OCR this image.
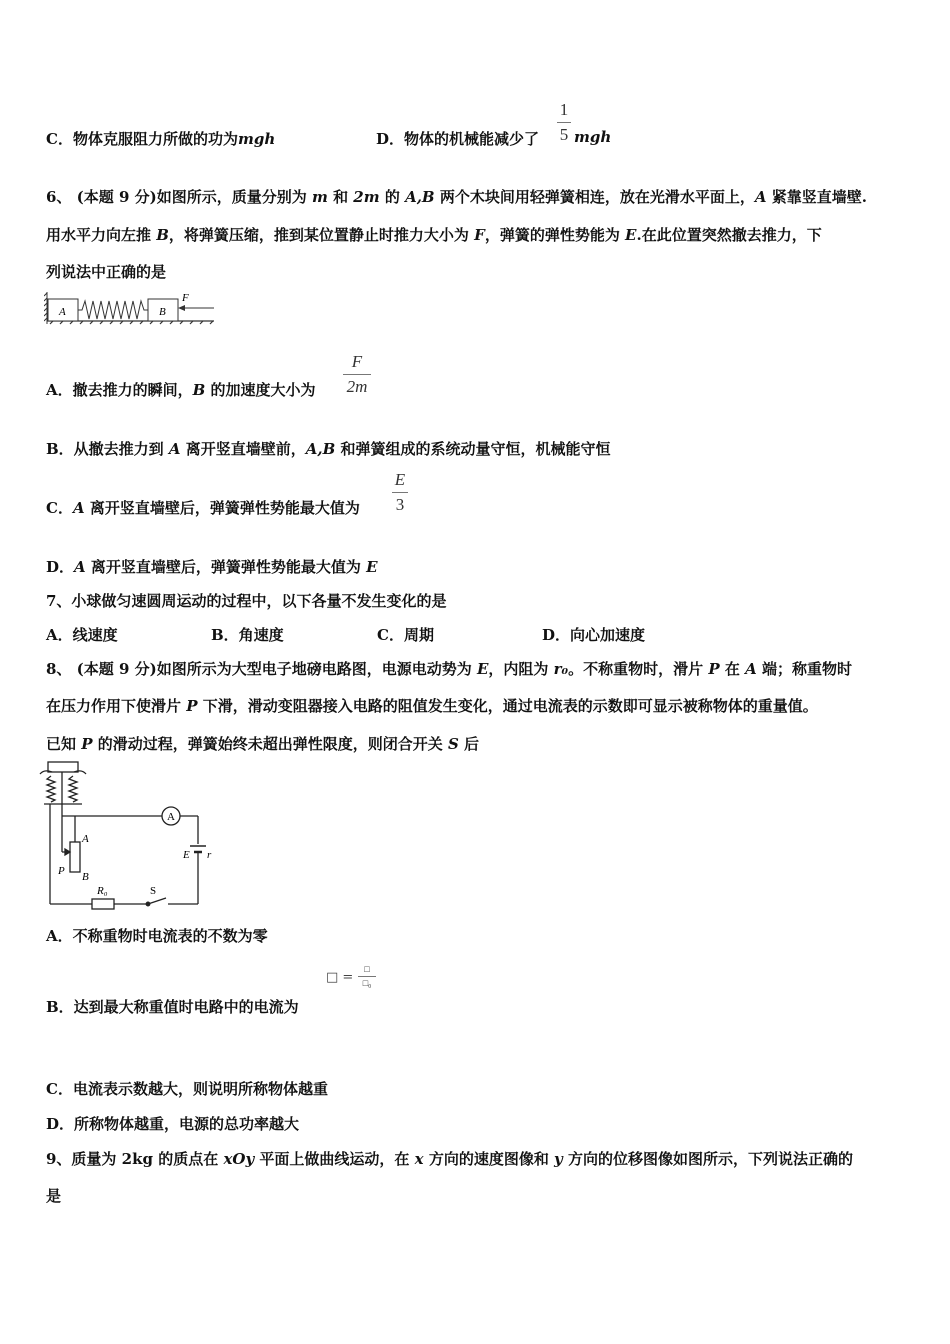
C．物体克服阻力所做的功为mgh	D．物体的机械能减少了
1
5 mgh
6、 (本题 9 分)如图所示，质量分别为 m 和 2m 的 A,B 两个木块间用轻弹簧相连，放在光滑水平面上，A 紧靠竖直墙壁.
用水平力向左推 B，将弹簧压缩，推到某位置静止时推力大小为 F，弹簧的弹性势能为 E.在此位置突然撤去推力，下
列说法中正确的是
A	B
F
A．撤去推力的瞬间，B 的加速度大小为
F
2m
B．从撤去推力到 A 离开竖直墙壁前，A,B 和弹簧组成的系统动量守恒，机械能守恒
C．A 离开竖直墙壁后，弹簧弹性势能最大值为
E
3
D．A 离开竖直墙壁后，弹簧弹性势能最大值为 E
7、小球做匀速圆周运动的过程中，以下各量不发生变化的是
A．线速度	B．角速度	C．周期	D．向心加速度
8、 (本题 9 分)如图所示为大型电子地磅电路图，电源电动势为 E，内阻为 r₀。不称重物时，滑片 P 在 A 端；称重物时
在压力作用下使滑片 P 下滑，滑动变阻器接入电路的阻值发生变化，通过电流表的示数即可显示被称物体的重量值。
已知 P 的滑动过程，弹簧始终未超出弹性限度，则闭合开关 S 后
A
A
B
P
E r
R₀	S
A．不称重物时电流表的不数为零
□ =
□
□₀
B．达到最大称重值时电路中的电流为
C．电流表示数越大，则说明所称物体越重
D．所称物体越重，电源的总功率越大
9、质量为 2kg 的质点在 xOy 平面上做曲线运动，在 x 方向的速度图像和 y 方向的位移图像如图所示，下列说法正确的
是
